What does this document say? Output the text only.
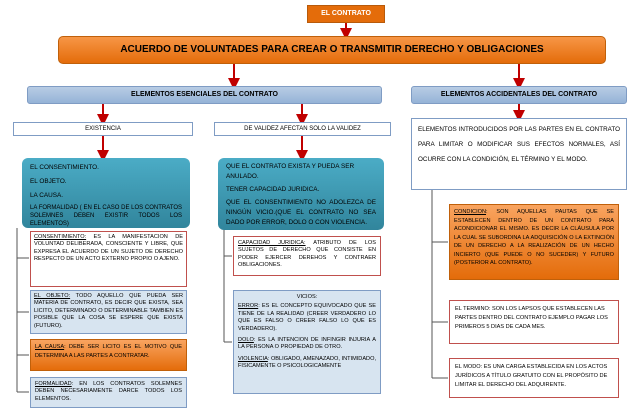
EL CONTRATO
ACUERDO DE VOLUNTADES PARA CREAR O TRANSMITIR DERECHO Y OBLIGACIONES
ELEMENTOS ESENCIALES DEL CONTRATO	ELEMENTOS ACCIDENTALES DEL CONTRATO
EXISTENCIA	DE VALIDEZ AFECTAN SOLO LA VALIDEZ	ELEMENTOS INTRODUCIDOS POR LAS PARTES EN EL CONTRATO PARA LIMITAR O MODIFICAR SUS EFECTOS NORMALES, ASÍ OCURRE CON LA CONDICIÓN, EL TÉRMINO Y EL MODO.

EL CONSENTIMIENTO.

EL OBJETO.

LA CAUSA.

LA FORMALIDAD ( EN EL CASO DE LOS CONTRATOS SOLEMNES DEBEN EXISTIR TODOS LOS ELEMENTOS)

QUE EL CONTRATO EXISTA Y PUEDA SER ANULADO.

TENER CAPACIDAD JURIDICA.

QUE EL CONSENTIMIENTO NO ADOLEZCA DE NINGÚN VICIO.(QUE EL CONTRATO NO SEA DADO POR ERROR, DOLO O CON VIOLENCIA.

CONSENTIMIENTO: ES LA MANIFESTACION DE VOLUNTAD DELIBERADA, CONSCIENTE Y LIBRE, QUE EXPRESA EL ACUERDO DE UN SUJETO DE DERECHO RESPECTO DE UN ACTO EXTERNO PROPIO O AJENO.
EL OBJETO: TODO AQUELLO QUE PUEDA SER MATERIA DE CONTRATO, ES DECIR QUE EXISTA, SEA LICITO, DETERMINADO O DETERMINABLE TAMBIEN ES POSIBLE QUE LA COSA SE ESPERE QUE EXISTA (FUTURO).
LA CAUSA: DEBE SER LICITO ES EL MOTIVO QUE DETERMINA A LAS PARTES A CONTRATAR.
FORMALIDAD: EN LOS CONTRATOS SOLEMNES DEBEN NECESARIAMENTE DARCE TODOS LOS ELEMENTOS.
CAPACIDAD JURIDICA: ATRIBUTO DE LOS SUJETOS DE DERECHO QUE CONSISTE EN PODER EJERCER DEREHOS Y CONTRAER OBLIGACIONES.
VICIOS:
ERROR: ES EL CONCEPTO EQUIVOCADO QUE SE TIENE DE LA REALIDAD (CREER VERDADERO LO QUE ES FALSO O CREER FALSO LO QUE ES VERDADERO).
DOLO: ES LA INTENCION DE INFINGIR INJURIA A LA PERSONA O PROPIEDAD DE OTRO.
VIOLENCIA: OBLIGADO, AMENAZADO, INTIMIDADO, FISICAMENTE O PSICOLOGICAMENTE
CONDICION: SON AQUELLAS PAUTAS QUE SE ESTABLECEN DENTRO DE UN CONTRATO PARA ACONDICIONAR EL MISMO. ES DECIR LA CLÁUSULA POR LA CUAL SE SUBORDINA LA ADQUISICIÓN O LA EXTINCIÓN DE UN DERECHO A LA REALIZACIÓN DE UN HECHO INCIERTO (QUE PUEDE O NO SUCEDER) Y FUTURO (POSTERIOR AL CONTRATO).
EL TERMINO: SON LOS LAPSOS QUE ESTABLECEN LAS PARTES DENTRO DEL CONTRATO EJEMPLO PAGAR LOS PRIMEROS 5 DIAS DE CADA MES.
EL MODO: ES UNA CARGA ESTABLECIDA EN LOS ACTOS JURÍDICOS A TÍTULO GRATUITO CON EL PROPÓSITO DE LIMITAR EL DERECHO DEL ADQUIRENTE.
